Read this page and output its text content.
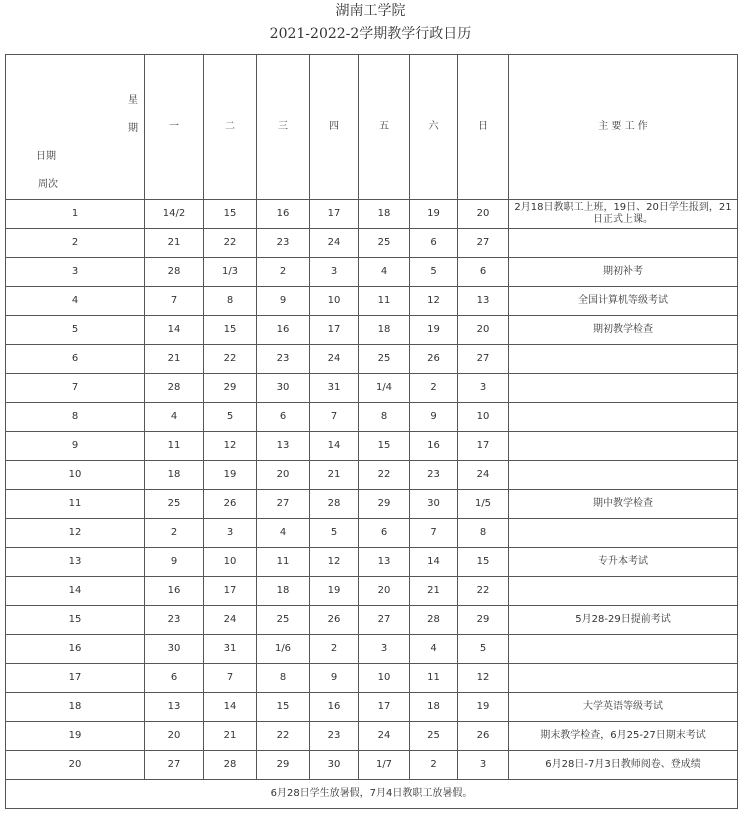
湖南工学院
2021-2022-2学期教学行政日历
星
期
日期
周次	一	二	三	四	五	六	日	主 要 工 作
1	14/2	15	16	17	18	19	20	2月18日教职工上班，19日、20日学生报到，21日正式上课。
2	21	22	23	24	25	6	27	
3	28	1/3	2	3	4	5	6	期初补考
4	7	8	9	10	11	12	13	全国计算机等级考试
5	14	15	16	17	18	19	20	期初教学检查
6	21	22	23	24	25	26	27	
7	28	29	30	31	1/4	2	3	
8	4	5	6	7	8	9	10	
9	11	12	13	14	15	16	17	
10	18	19	20	21	22	23	24	
11	25	26	27	28	29	30	1/5	期中教学检查
12	2	3	4	5	6	7	8	
13	9	10	11	12	13	14	15	专升本考试
14	16	17	18	19	20	21	22	
15	23	24	25	26	27	28	29	5月28-29日提前考试
16	30	31	1/6	2	3	4	5	
17	6	7	8	9	10	11	12	
18	13	14	15	16	17	18	19	大学英语等级考试
19	20	21	22	23	24	25	26	期末教学检查，6月25-27日期末考试
20	27	28	29	30	1/7	2	3	6月28日-7月3日教师阅卷、登成绩
6月28日学生放暑假，7月4日教职工放暑假。								
